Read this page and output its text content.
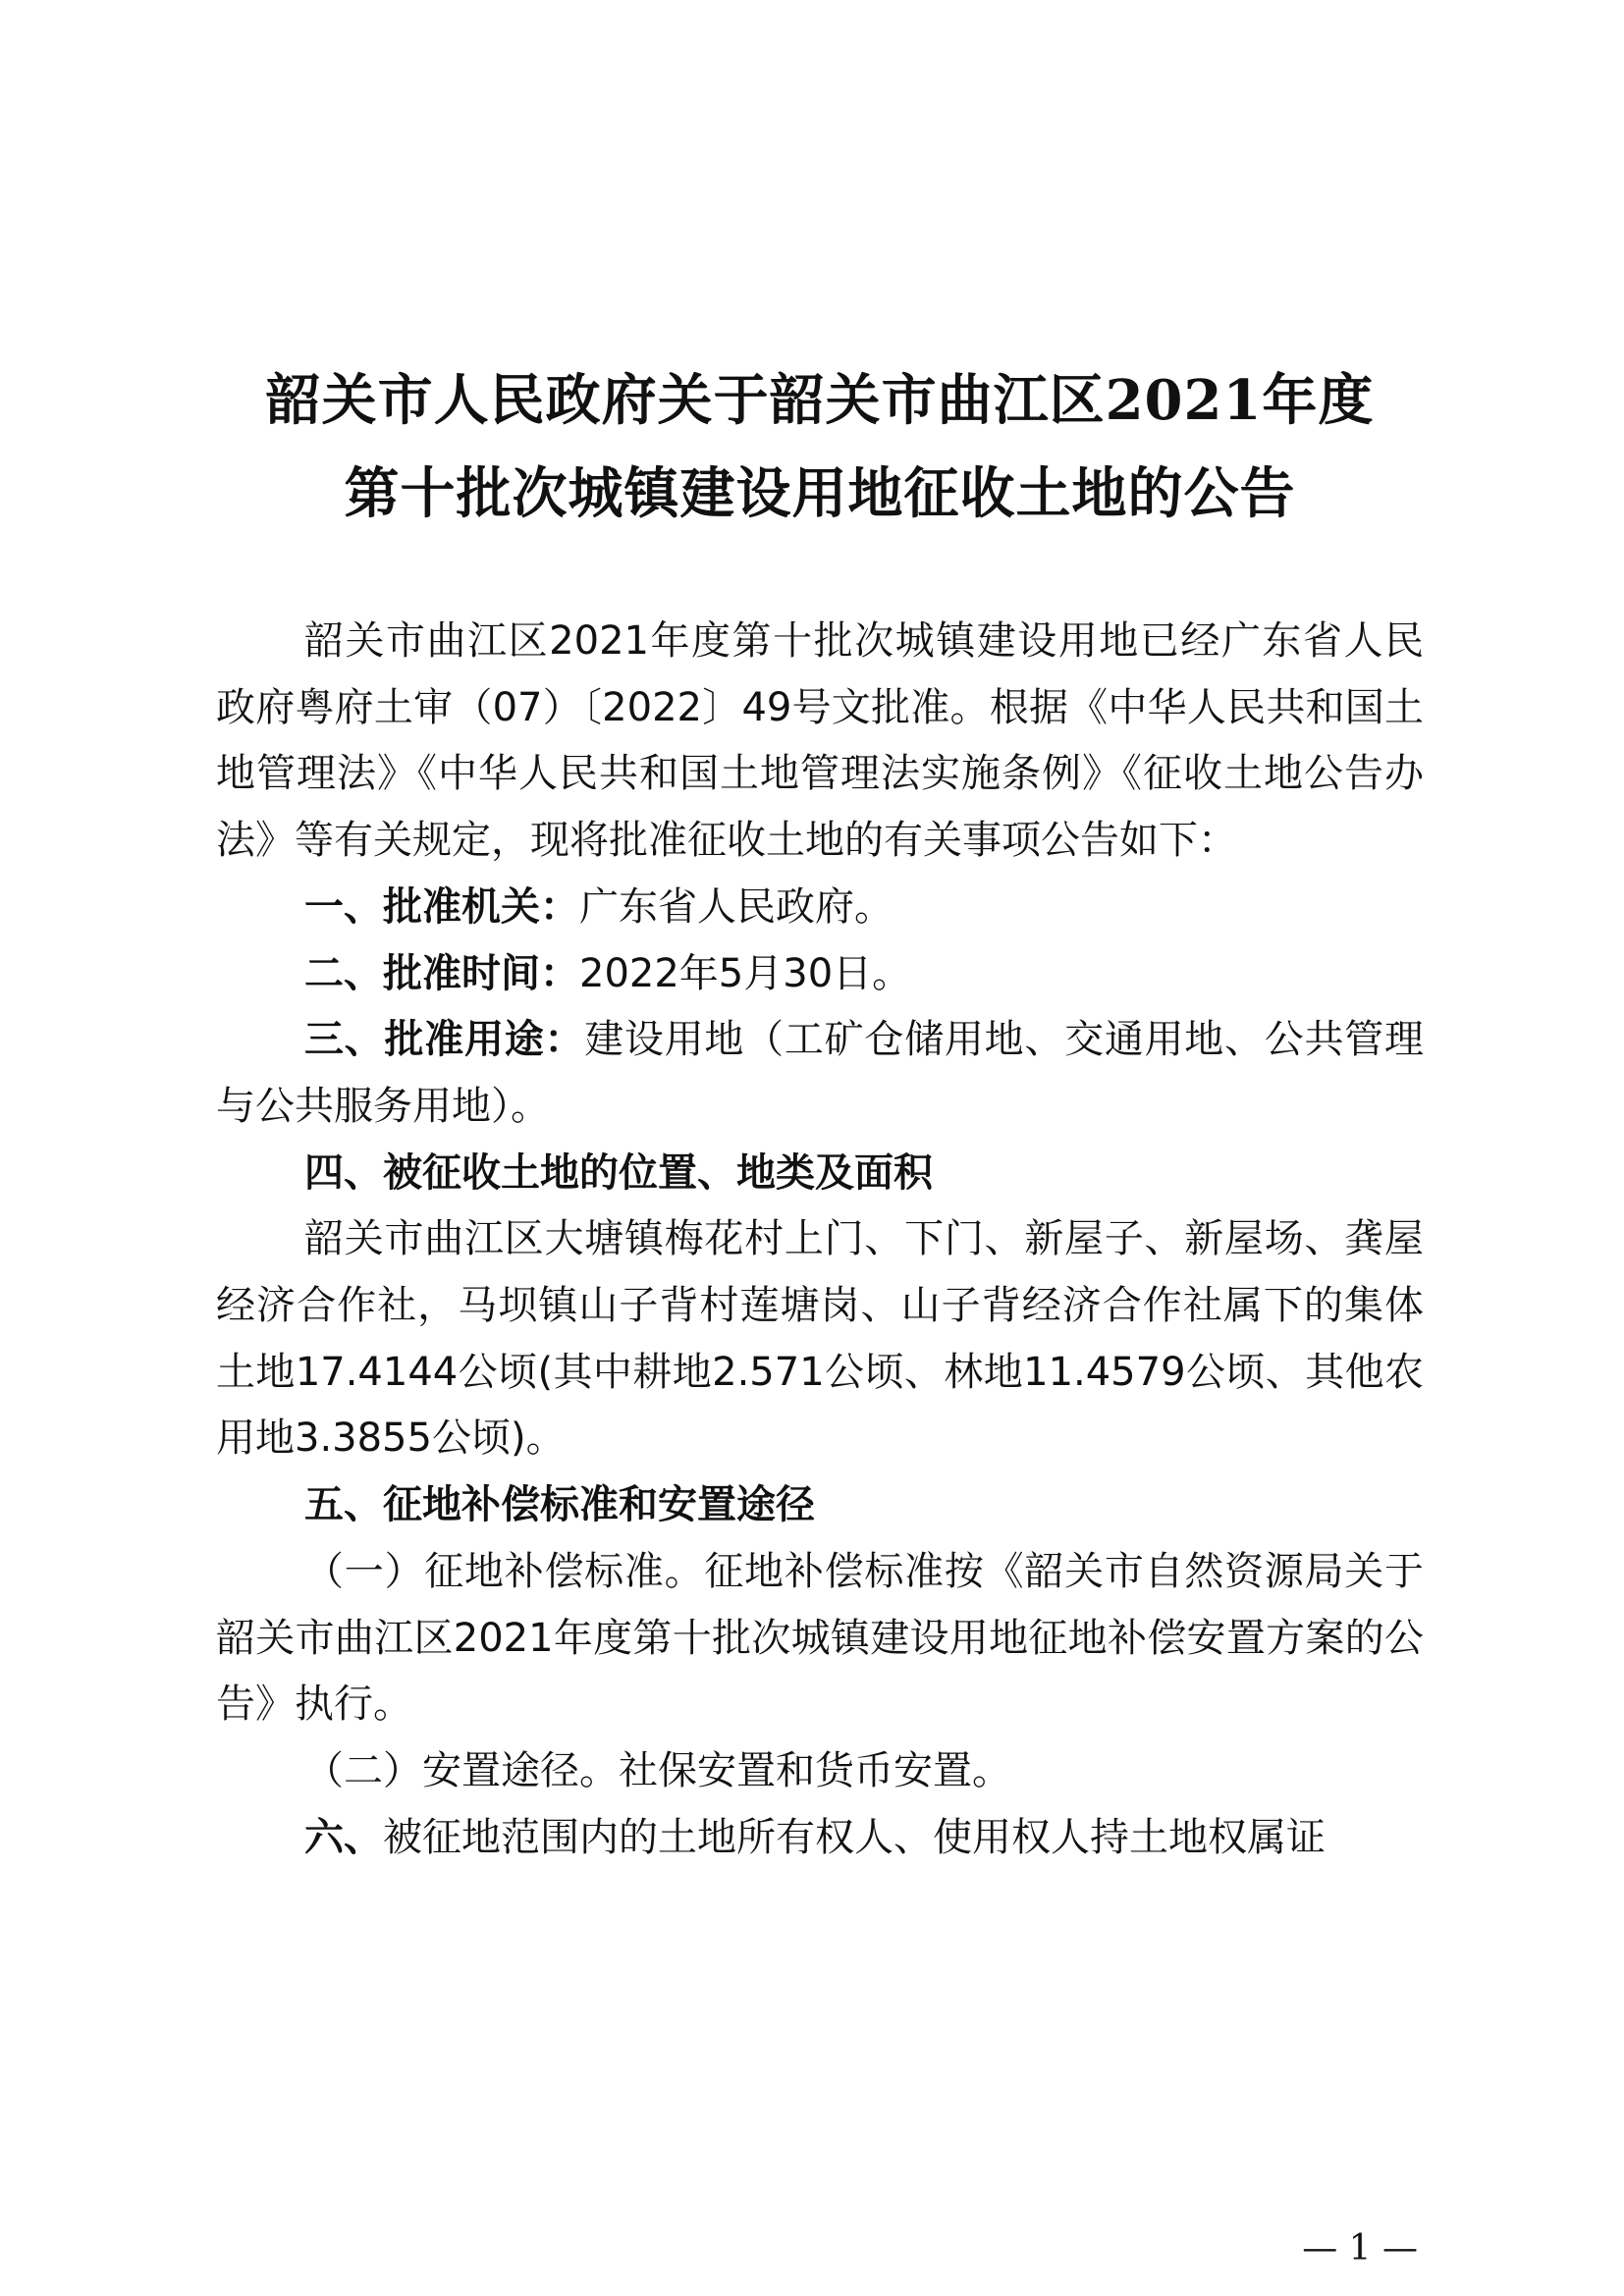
韶关市人民政府关于韶关市曲江区2021年度
第十批次城镇建设用地征收土地的公告

韶关市曲江区2021年度第十批次城镇建设用地已经广东省人民政府粤府土审（07）〔2022〕49号文批准。根据《中华人民共和国土地管理法》《中华人民共和国土地管理法实施条例》《征收土地公告办法》等有关规定，现将批准征收土地的有关事项公告如下：

一、批准机关：广东省人民政府。

二、批准时间：2022年5月30日。

三、批准用途：建设用地（工矿仓储用地、交通用地、公共管理与公共服务用地）。

四、被征收土地的位置、地类及面积

韶关市曲江区大塘镇梅花村上门、下门、新屋子、新屋场、龚屋经济合作社，马坝镇山子背村莲塘岗、山子背经济合作社属下的集体土地17.4144公顷(其中耕地2.571公顷、林地11.4579公顷、其他农用地3.3855公顷)。

五、征地补偿标准和安置途径

（一）征地补偿标准。征地补偿标准按《韶关市自然资源局关于韶关市曲江区2021年度第十批次城镇建设用地征地补偿安置方案的公告》执行。

（二）安置途径。社保安置和货币安置。

六、被征地范围内的土地所有权人、使用权人持土地权属证

— 1 —
